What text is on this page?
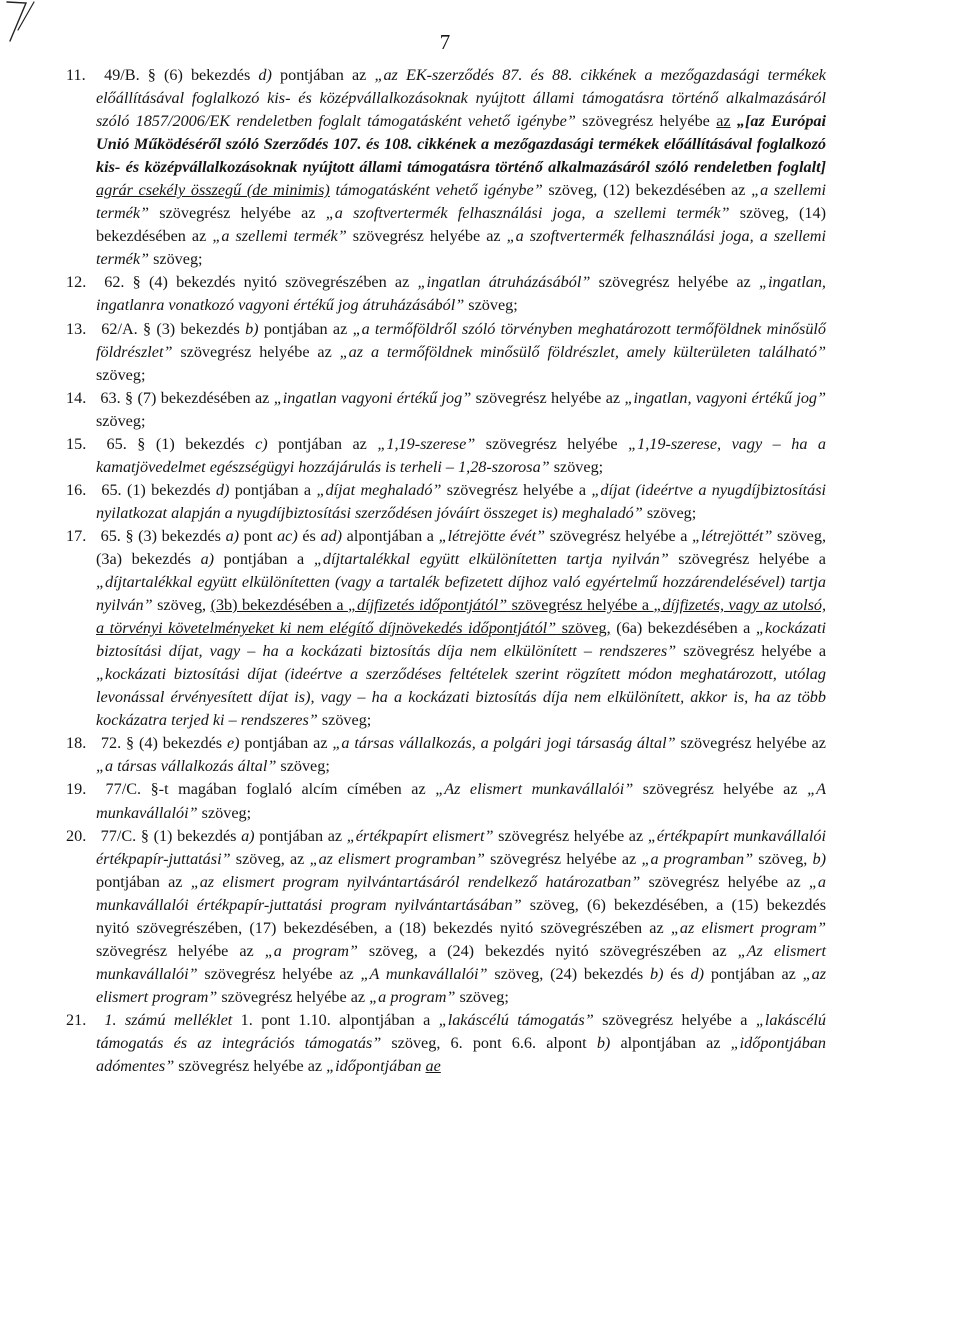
7

11. 49/B. § (6) bekezdés d) pontjában az „az EK-szerződés 87. és 88. cikkének a mezőgazdasági termékek előállításával foglalkozó kis- és középvállalkozásoknak nyújtott állami támogatásra történő alkalmazásáról szóló 1857/2006/EK rendeletben foglalt támogatásként vehető igénybe” szövegrész helyébe az „[az Európai Unió Működéséről szóló Szerződés 107. és 108. cikkének a mezőgazdasági termékek előállításával foglalkozó kis- és középvállalkozásoknak nyújtott állami támogatásra történő alkalmazásáról szóló rendeletben foglalt] agrár csekély összegű (de minimis) támogatásként vehető igénybe” szöveg, (12) bekezdésében az „a szellemi termék” szövegrész helyébe az „a szoftvertermék felhasználási joga, a szellemi termék” szöveg, (14) bekezdésében az „a szellemi termék” szövegrész helyébe az „a szoftvertermék felhasználási joga, a szellemi termék” szöveg;

12. 62. § (4) bekezdés nyitó szövegrészében az „ingatlan átruházásából” szövegrész helyébe az „ingatlan, ingatlanra vonatkozó vagyoni értékű jog átruházásából” szöveg;

13. 62/A. § (3) bekezdés b) pontjában az „a termőföldről szóló törvényben meghatározott termőföldnek minősülő földrészlet” szövegrész helyébe az „az a termőföldnek minősülő földrészlet, amely külterületen található” szöveg;

14. 63. § (7) bekezdésében az „ingatlan vagyoni értékű jog” szövegrész helyébe az „ingatlan, vagyoni értékű jog” szöveg;

15. 65. § (1) bekezdés c) pontjában az „1,19-szerese” szövegrész helyébe „1,19-szerese, vagy – ha a kamatjövedelmet egészségügyi hozzájárulás is terheli – 1,28-szorosa” szöveg;

16. 65. (1) bekezdés d) pontjában a „díjat meghaladó” szövegrész helyébe a „díjat (ideértve a nyugdíjbiztosítási nyilatkozat alapján a nyugdíjbiztosítási szerződésen jóváírt összeget is) meghaladó” szöveg;

17. 65. § (3) bekezdés a) pont ac) és ad) alpontjában a „létrejötte évét” szövegrész helyébe a „létrejöttét” szöveg, (3a) bekezdés a) pontjában a „díjtartalékkal együtt elkülönítetten tartja nyilván” szövegrész helyébe a „díjtartalékkal együtt elkülönítetten (vagy a tartalék befizetett díjhoz való egyértelmű hozzárendelésével) tartja nyilván” szöveg, (3b) bekezdésében a „díjfizetés időpontjától” szövegrész helyébe a „díjfizetés, vagy az utolsó, a törvényi követelményeket ki nem elégítő díjnövekedés időpontjától” szöveg, (6a) bekezdésében a „kockázati biztosítási díjat, vagy – ha a kockázati biztosítás díja nem elkülönített – rendszeres” szövegrész helyébe a „kockázati biztosítási díjat (ideértve a szerződéses feltételek szerint rögzített módon meghatározott, utólag levonással érvényesített díjat is), vagy – ha a kockázati biztosítás díja nem elkülönített, akkor is, ha az több kockázatra terjed ki – rendszeres” szöveg;

18. 72. § (4) bekezdés e) pontjában az „a társas vállalkozás, a polgári jogi társaság által” szövegrész helyébe az „a társas vállalkozás által” szöveg;

19. 77/C. §-t magában foglaló alcím címében az „Az elismert munkavállalói” szövegrész helyébe az „A munkavállalói” szöveg;

20. 77/C. § (1) bekezdés a) pontjában az „értékpapírt elismert” szövegrész helyébe az „értékpapírt munkavállalói értékpapír-juttatási” szöveg, az „az elismert programban” szövegrész helyébe az „a programban” szöveg, b) pontjában az „az elismert program nyilvántartásáról rendelkező határozatban” szövegrész helyébe az „a munkavállalói értékpapír-juttatási program nyilvántartásában” szöveg, (6) bekezdésében, a (15) bekezdés nyitó szövegrészében, (17) bekezdésében, a (18) bekezdés nyitó szövegrészében az „az elismert program” szövegrész helyébe az „a program” szöveg, a (24) bekezdés nyitó szövegrészében az „Az elismert munkavállalói” szövegrész helyébe az „A munkavállalói” szöveg, (24) bekezdés b) és d) pontjában az „az elismert program” szövegrész helyébe az „a program” szöveg;

21. 1. számú melléklet 1. pont 1.10. alpontjában a „lakáscélú támogatás” szövegrész helyébe a „lakáscélú támogatás és az integrációs támogatás” szöveg, 6. pont 6.6. alpont b) alpontjában az „időpontjában adómentes” szövegrész helyébe az „időpontjában ae
